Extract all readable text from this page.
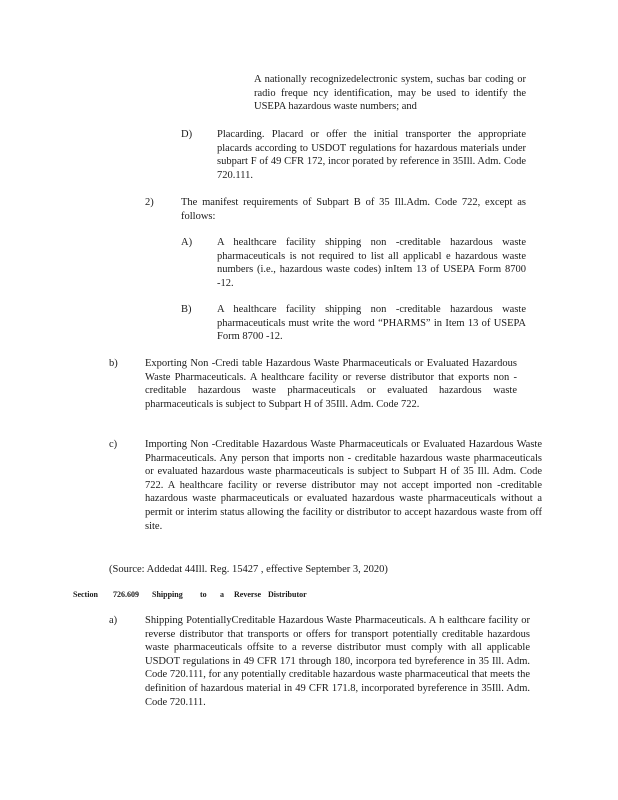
A nationally recognizedelectronic system, suchas bar coding or radio freque ncy identification, may be used to identify the USEPA hazardous waste numbers; and

D) Placarding. Placard or offer the initial transporter the appropriate placards according to USDOT regulations for hazardous materials under subpart F of 49 CFR 172, incor porated by reference in 35Ill. Adm. Code 720.111.

2)	The manifest requirements of Subpart B of 35 Ill.Adm. Code 722, except as follows:

A) A healthcare facility shipping non -creditable hazardous waste pharmaceuticals is not required to list all applicabl e hazardous waste numbers (i.e., hazardous waste codes) inItem 13 of USEPA Form 8700 -12.

B) A healthcare facility shipping non -creditable hazardous waste pharmaceuticals must write the word “PHARMS” in Item 13 of USEPA Form 8700 -12.

b)	Exporting Non -Credi table Hazardous Waste Pharmaceuticals or Evaluated Hazardous Waste Pharmaceuticals. A healthcare facility or reverse distributor that exports non -creditable hazardous waste pharmaceuticals or evaluated hazardous waste pharmaceuticals is subject to Subpart H of 35Ill. Adm. Code 722.

c)	Importing Non -Creditable Hazardous Waste Pharmaceuticals or Evaluated Hazardous Waste Pharmaceuticals. Any person that imports non - creditable hazardous waste pharmaceuticals or evaluated hazardous waste pharmaceuticals is subject to Subpart H of 35 Ill. Adm. Code 722. A healthcare facility or reverse distributor may not accept imported non -creditable hazardous waste pharmaceuticals or evaluated hazardous waste pharmaceuticals without a permit or interim status allowing the facility or distributor to accept hazardous waste from off site.

(Source: Addedat 44Ill. Reg. 15427 , effective September 3, 2020)

Section 726.609 Shipping to a Reverse Distributor
a)	Shipping PotentiallyCreditable Hazardous Waste Pharmaceuticals. A h ealthcare facility or reverse distributor that transports or offers for transport potentially creditable hazardous waste pharmaceuticals offsite to a reverse distributor must comply with all applicable USDOT regulations in 49 CFR 171 through 180, incorpora ted byreference in 35 Ill. Adm. Code 720.111, for any potentially creditable hazardous waste pharmaceutical that meets the definition of hazardous material in 49 CFR 171.8, incorporated byreference in 35Ill. Adm. Code 720.111.
